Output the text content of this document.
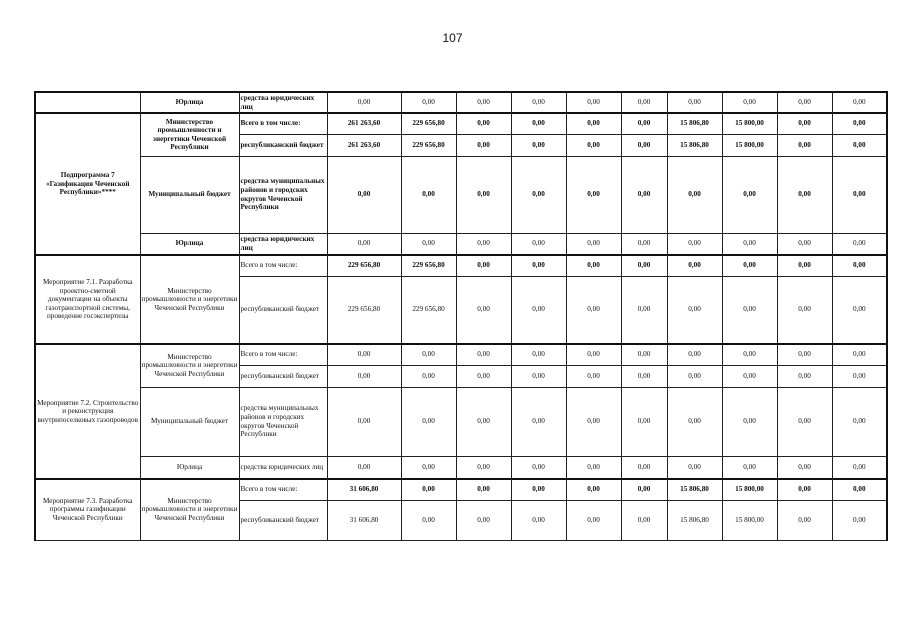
107
	Юрлица	средства юридических лиц	0,00	0,00	0,00	0,00	0,00	0,00	0,00	0,00	0,00	0,00
Подпрограмма 7 «Газификация Чеченской Республики»****	Министерство промышленности и энергетики Чеченской Республики	Всего в том числе:	261 263,60	229 656,80	0,00	0,00	0,00	0,00	15 806,80	15 800,00	0,00	0,00
		республиканский бюджет	261 263,60	229 656,80	0,00	0,00	0,00	0,00	15 806,80	15 800,00	0,00	0,00
	Муниципальный бюджет	средства муниципальных районов и городских округов Чеченской Республики	0,00	0,00	0,00	0,00	0,00	0,00	0,00	0,00	0,00	0,00
	Юрлица	средства юридических лиц	0,00	0,00	0,00	0,00	0,00	0,00	0,00	0,00	0,00	0,00
Мероприятие 7.1. Разработка проектно-сметной документации на объекты газотранспортной системы, проведение госэкспертизы	Министерство промышленности и энергетики Чеченской Республики	Всего в том числе:	229 656,80	229 656,80	0,00	0,00	0,00	0,00	0,00	0,00	0,00	0,00
		республиканский бюджет	229 656,80	229 656,80	0,00	0,00	0,00	0,00	0,00	0,00	0,00	0,00
Мероприятие 7.2. Строительство и реконструкция внутрипоселковых газопроводов	Министерство промышленности и энергетики Чеченской Республики	Всего в том числе:	0,00	0,00	0,00	0,00	0,00	0,00	0,00	0,00	0,00	0,00
		республиканский бюджет	0,00	0,00	0,00	0,00	0,00	0,00	0,00	0,00	0,00	0,00
	Муниципальный бюджет	средства муниципальных районов и городских округов Чеченской Республики	0,00	0,00	0,00	0,00	0,00	0,00	0,00	0,00	0,00	0,00
	Юрлица	средства юридических лиц	0,00	0,00	0,00	0,00	0,00	0,00	0,00	0,00	0,00	0,00
Мероприятие 7.3. Разработка программы газификации Чеченской Республики	Министерство промышленности и энергетики Чеченской Республики	Всего в том числе:	31 606,80	0,00	0,00	0,00	0,00	0,00	15 806,80	15 800,00	0,00	0,00
		республиканский бюджет	31 606,80	0,00	0,00	0,00	0,00	0,00	15 806,80	15 800,00	0,00	0,00
